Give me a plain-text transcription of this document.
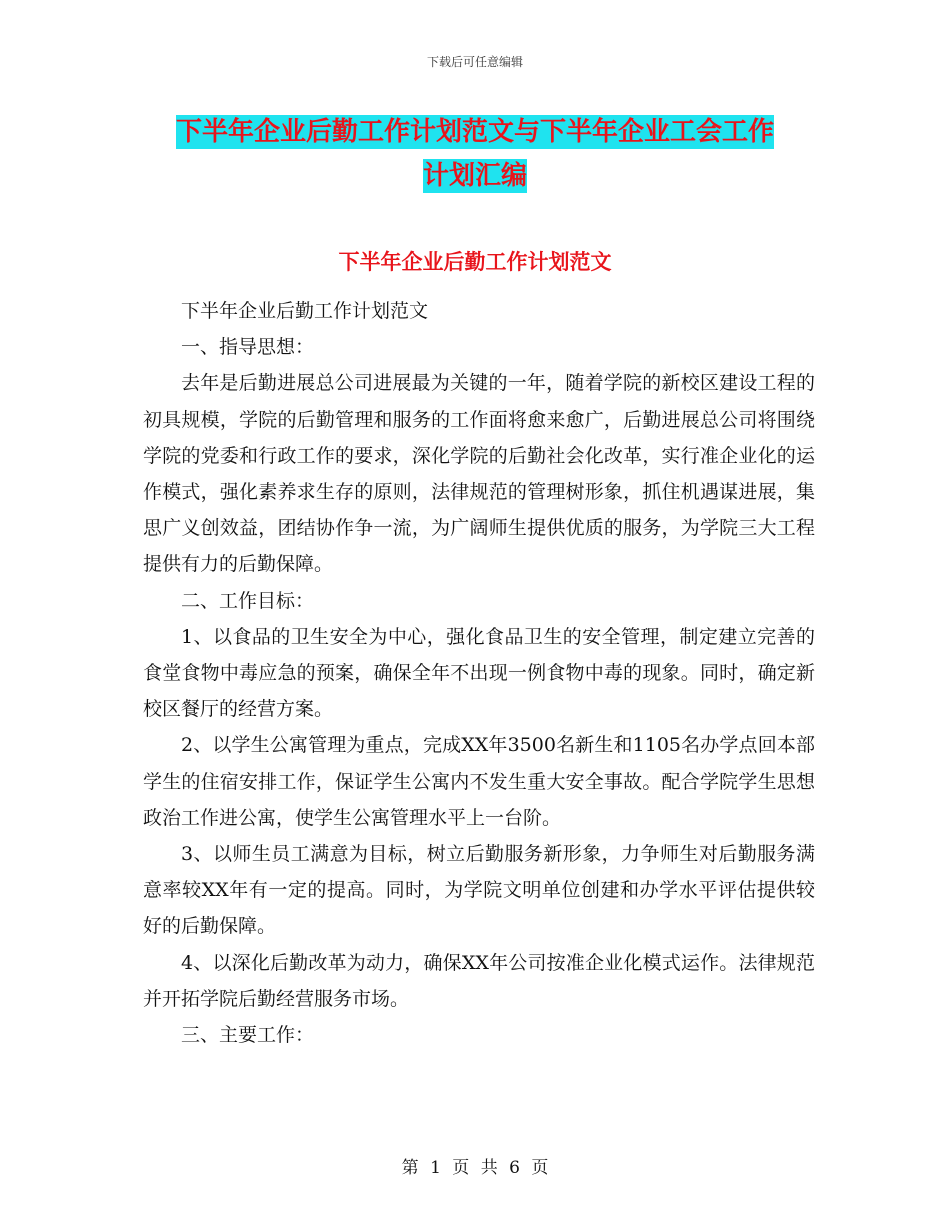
下载后可任意编辑
下半年企业后勤工作计划范文与下半年企业工会工作
计划汇编
下半年企业后勤工作计划范文

下半年企业后勤工作计划范文

一、指导思想：

去年是后勤进展总公司进展最为关键的一年，随着学院的新校区建设工程的初具规模，学院的后勤管理和服务的工作面将愈来愈广，后勤进展总公司将围绕学院的党委和行政工作的要求，深化学院的后勤社会化改革，实行准企业化的运作模式，强化素养求生存的原则，法律规范的管理树形象，抓住机遇谋进展，集思广义创效益，团结协作争一流，为广阔师生提供优质的服务，为学院三大工程提供有力的后勤保障。

二、工作目标：

1、以食品的卫生安全为中心，强化食品卫生的安全管理，制定建立完善的食堂食物中毒应急的预案，确保全年不出现一例食物中毒的现象。同时，确定新校区餐厅的经营方案。

2、以学生公寓管理为重点，完成XX年3500名新生和1105名办学点回本部学生的住宿安排工作，保证学生公寓内不发生重大安全事故。配合学院学生思想政治工作进公寓，使学生公寓管理水平上一台阶。

3、以师生员工满意为目标，树立后勤服务新形象，力争师生对后勤服务满意率较XX年有一定的提高。同时，为学院文明单位创建和办学水平评估提供较好的后勤保障。

4、以深化后勤改革为动力，确保XX年公司按准企业化模式运作。法律规范并开拓学院后勤经营服务市场。

三、主要工作：

第 1 页 共 6 页
